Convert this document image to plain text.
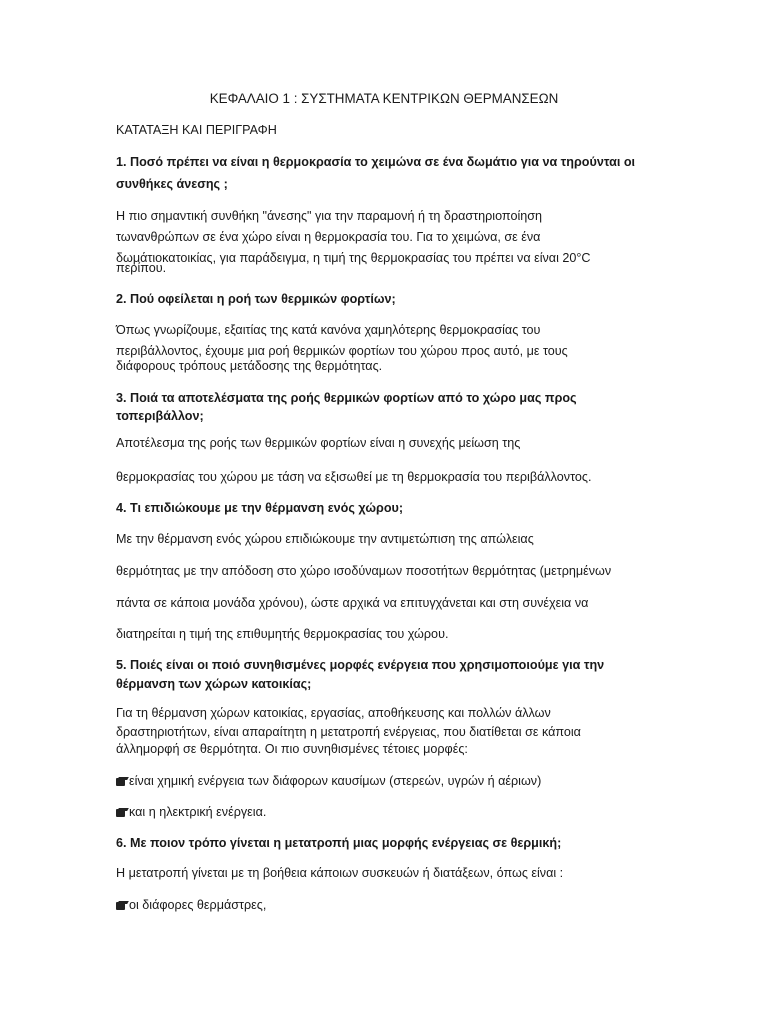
ΚΕΦΑΛΑΙΟ 1 : ΣΥΣΤΗΜΑΤΑ ΚΕΝΤΡΙΚΩΝ ΘΕΡΜΑΝΣΕΩΝ
ΚΑΤΑΤΑΞΗ ΚΑΙ ΠΕΡΙΓΡΑΦΗ
1. Ποσό πρέπει να είναι η θερμοκρασία το χειμώνα σε ένα δωμάτιο για να τηρούνται οι
συνθήκες άνεσης ;
Η πιο σημαντική συνθήκη "άνεσης" για την παραμονή ή τη δραστηριοποίηση
τωνανθρώπων σε ένα χώρο είναι η θερμοκρασία του. Για το χειμώνα, σε ένα
δωμάτιοκατοικίας, για παράδειγμα, η τιμή της θερμοκρασίας του πρέπει να είναι 20°C
περίπου.
2. Πού οφείλεται η ροή των θερμικών φορτίων;
Όπως γνωρίζουμε, εξαιτίας της κατά κανόνα χαμηλότερης θερμοκρασίας του
περιβάλλοντος, έχουμε μια ροή θερμικών φορτίων του χώρου προς αυτό, με τους
διάφορους τρόπους μετάδοσης της θερμότητας.
3. Ποιά τα αποτελέσματα της ροής θερμικών φορτίων από το χώρο μας προς
τοπεριβάλλον;
Αποτέλεσμα της ροής των θερμικών φορτίων είναι η συνεχής μείωση της
θερμοκρασίας του χώρου με τάση να εξισωθεί με τη θερμοκρασία του περιβάλλοντος.
4. Τι επιδιώκουμε με την θέρμανση ενός χώρου;
Με την θέρμανση ενός χώρου επιδιώκουμε την αντιμετώπιση της απώλειας
θερμότητας με την απόδοση στο χώρο ισοδύναμων ποσοτήτων θερμότητας (μετρημένων
πάντα σε κάποια μονάδα χρόνου), ώστε αρχικά να επιτυγχάνεται και στη συνέχεια να
διατηρείται η τιμή της επιθυμητής θερμοκρασίας του χώρου.
5. Ποιές είναι οι ποιό συνηθισμένες μορφές ενέργεια που χρησιμοποιούμε για την
θέρμανση των χώρων κατοικίας;
Για τη θέρμανση χώρων κατοικίας, εργασίας, αποθήκευσης και πολλών άλλων
δραστηριοτήτων, είναι απαραίτητη η μετατροπή ενέργειας, που διατίθεται σε κάποια
άλλημορφή σε θερμότητα. Οι πιο συνηθισμένες τέτοιες μορφές:
είναι χημική ενέργεια των διάφορων καυσίμων (στερεών, υγρών ή αέριων)
και η ηλεκτρική ενέργεια.
6. Με ποιον τρόπο γίνεται η μετατροπή μιας μορφής ενέργειας σε θερμική;
Η μετατροπή γίνεται με τη βοήθεια κάποιων συσκευών ή διατάξεων, όπως είναι :
οι διάφορες θερμάστρες,
